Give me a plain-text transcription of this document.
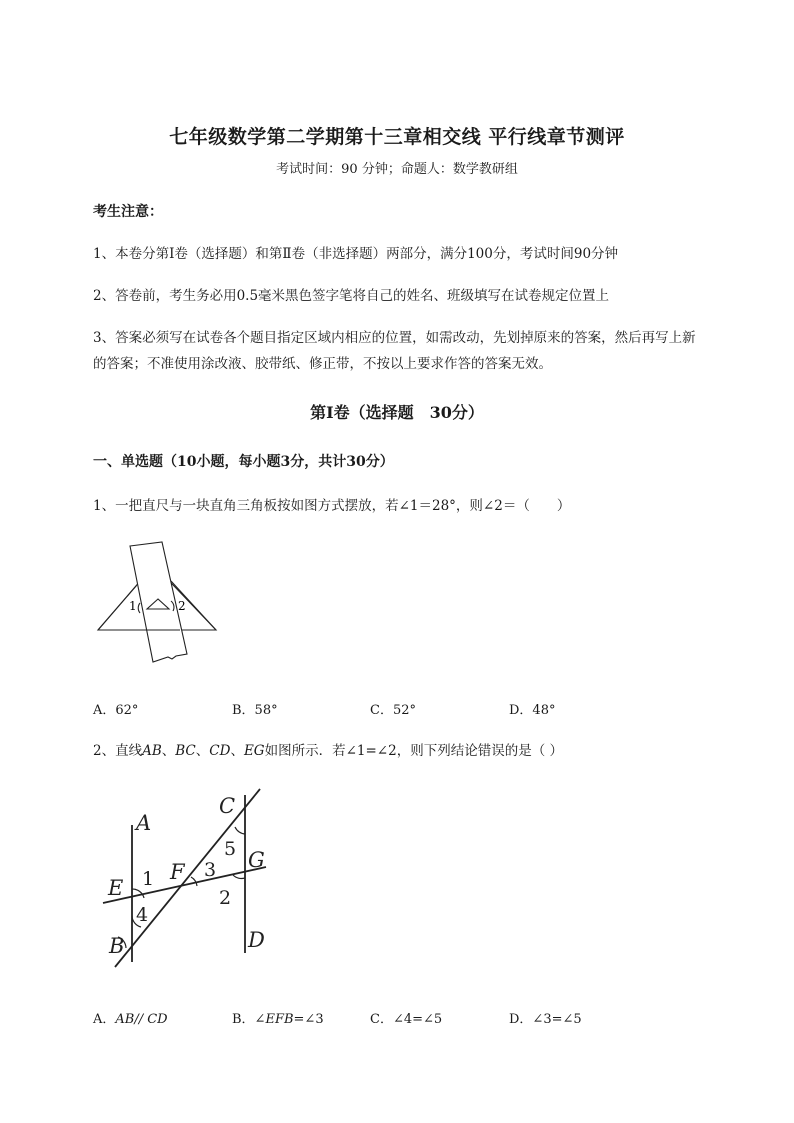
七年级数学第二学期第十三章相交线 平行线章节测评
考试时间：90 分钟；命题人：数学教研组
考生注意：
1、本卷分第Ⅰ卷（选择题）和第Ⅱ卷（非选择题）两部分，满分100分，考试时间90分钟
2、答卷前，考生务必用0.5毫米黑色签字笔将自己的姓名、班级填写在试卷规定位置上
3、答案必须写在试卷各个题目指定区域内相应的位置，如需改动，先划掉原来的答案，然后再写上新
的答案；不准使用涂改液、胶带纸、修正带，不按以上要求作答的答案无效。
第Ⅰ卷（选择题　30分）
一、单选题（10小题，每小题3分，共计30分）
1、一把直尺与一块直角三角板按如图方式摆放，若∠1＝28°，则∠2＝（　　）
1	2
A．62°	B．58°	C．52°	D．48°
2、直线AB、BC、CD、EG如图所示．若∠1=∠2，则下列结论错误的是（ ）
A
B
C
D
E
F	G
1
2
3
4
5
A．AB// CD	B．∠EFB=∠3	C．∠4=∠5	D．∠3=∠5
